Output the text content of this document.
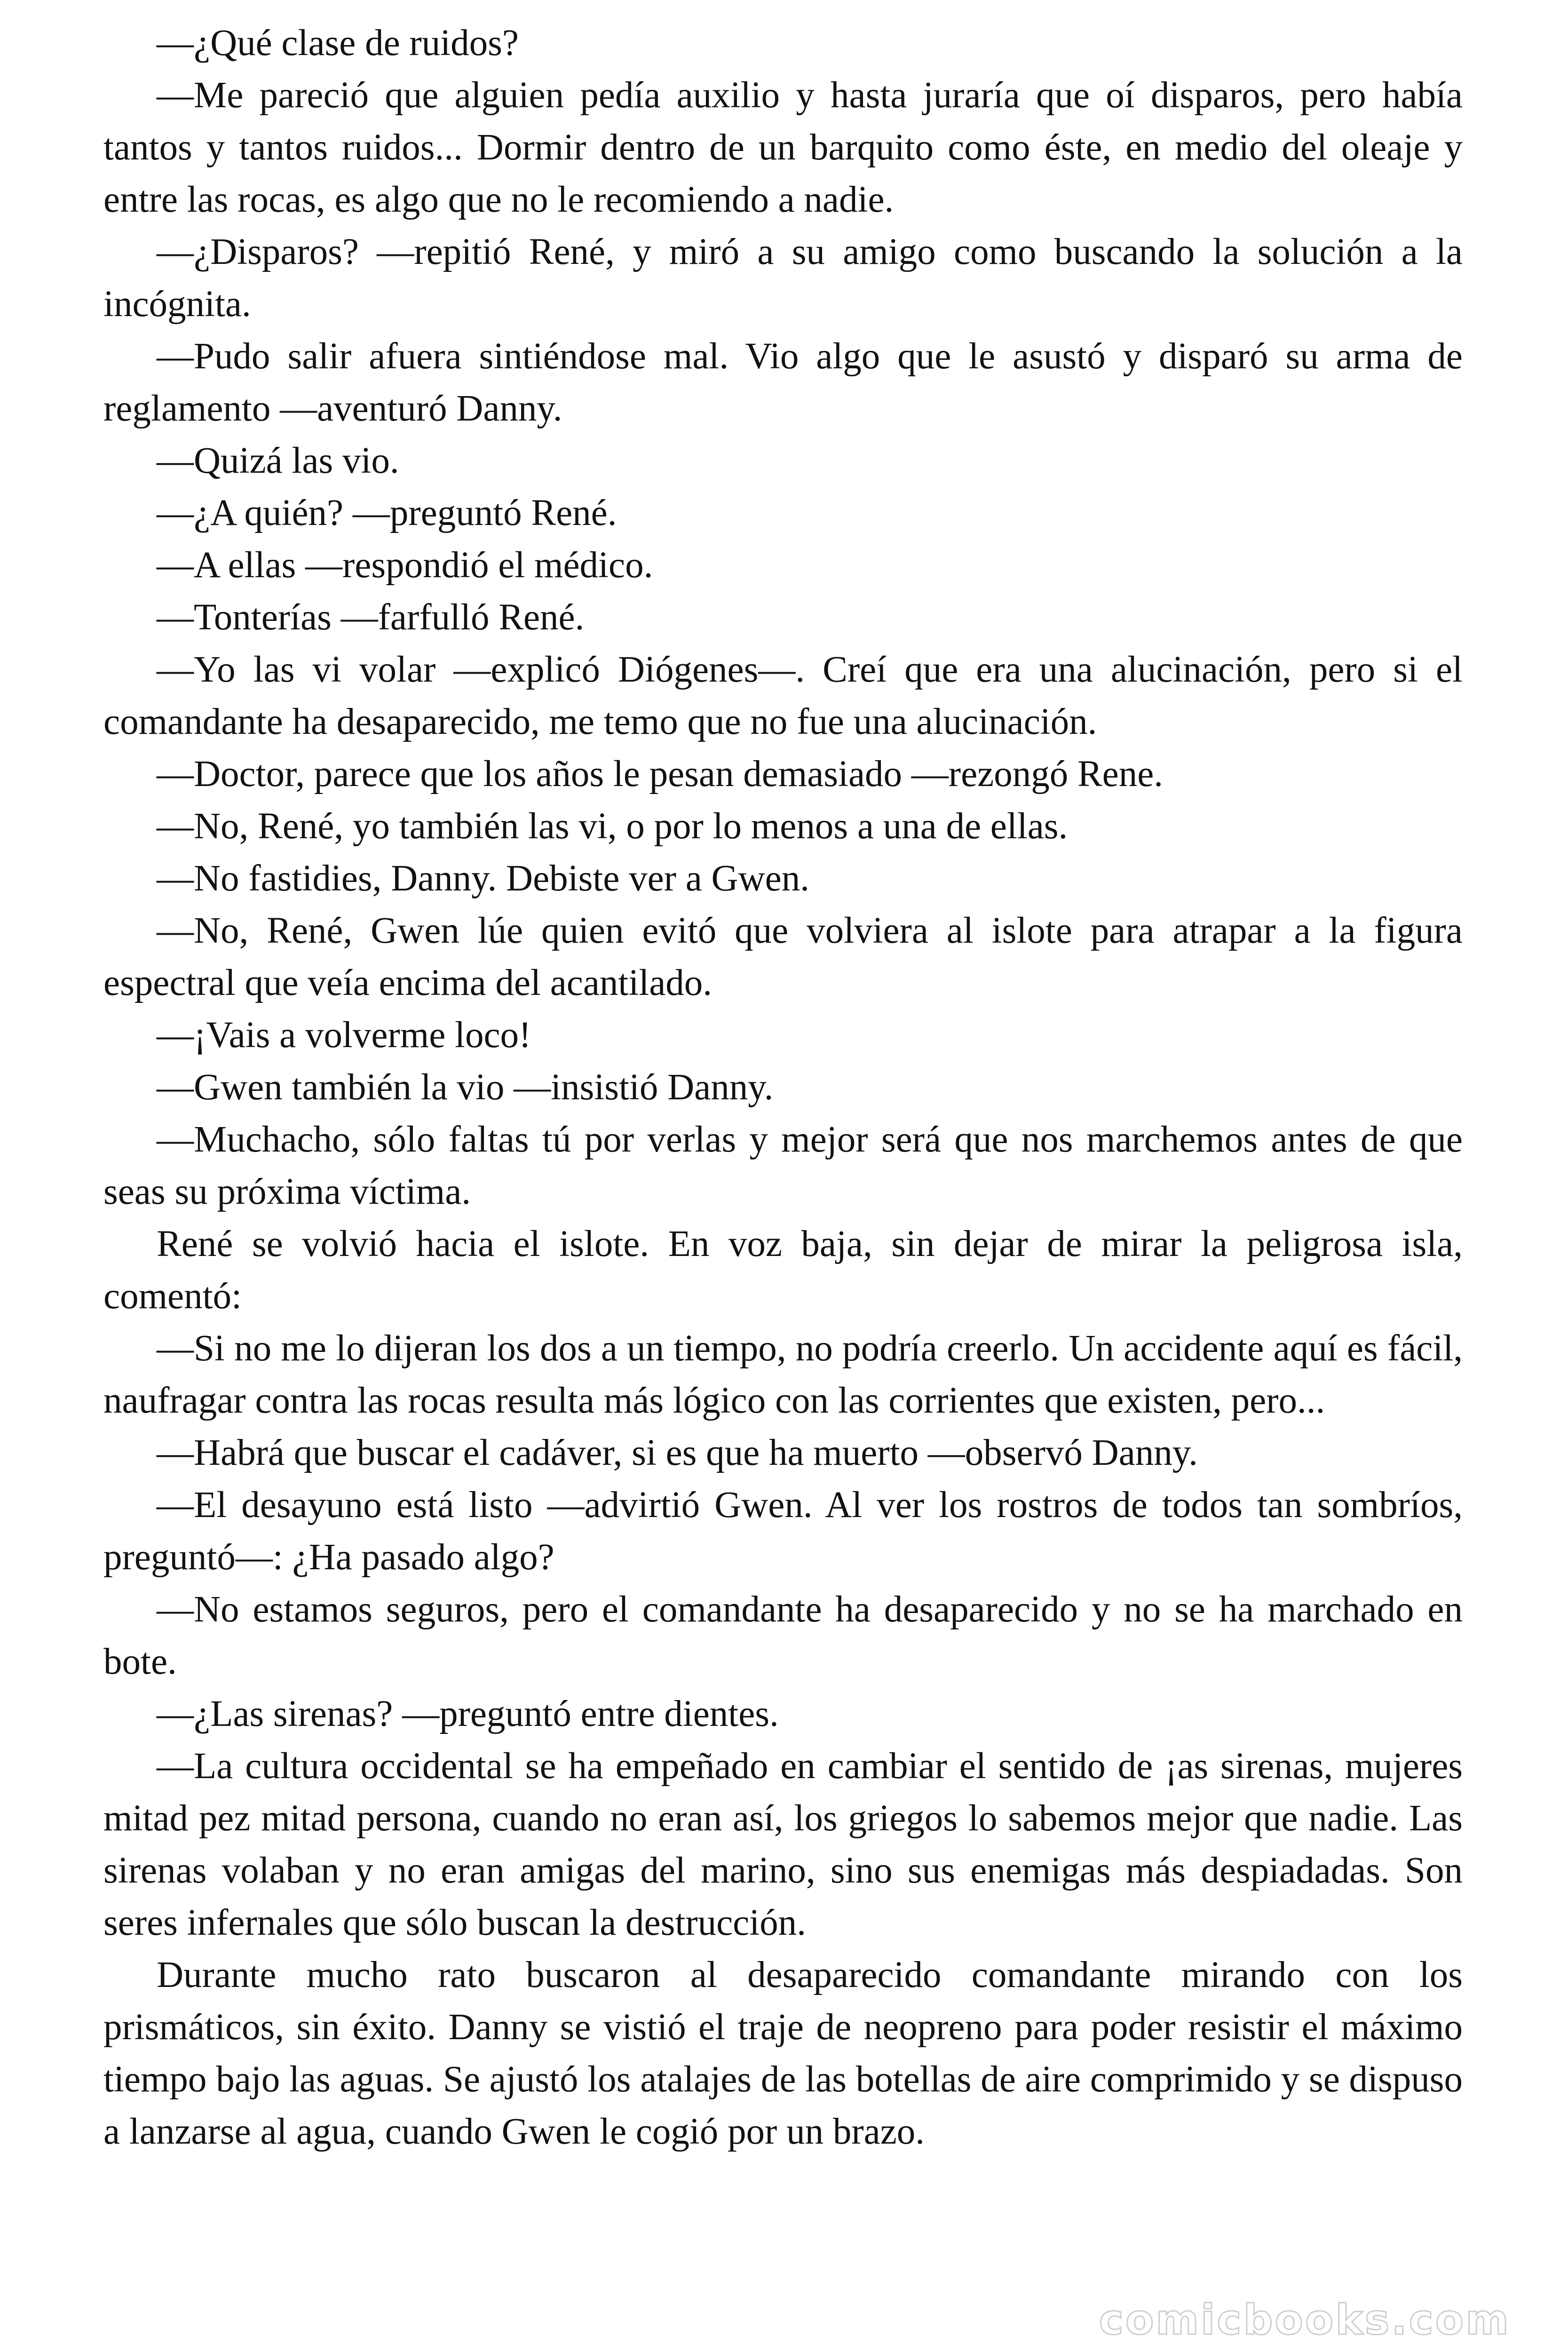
—¿Qué clase de ruidos?

—Me pareció que alguien pedía auxilio y hasta juraría que oí disparos, pero había tantos y tantos ruidos... Dormir dentro de un barquito como éste, en medio del oleaje y entre las rocas, es algo que no le recomiendo a nadie.

—¿Disparos? —repitió René, y miró a su amigo como buscando la solución a la incógnita.

—Pudo salir afuera sintiéndose mal. Vio algo que le asustó y disparó su arma de reglamento —aventuró Danny.

—Quizá las vio.

—¿A quién? —preguntó René.

—A ellas —respondió el médico.

—Tonterías —farfulló René.

—Yo las vi volar —explicó Diógenes—. Creí que era una alucinación, pero si el comandante ha desaparecido, me temo que no fue una alucinación.

—Doctor, parece que los años le pesan demasiado —rezongó Rene.

—No, René, yo también las vi, o por lo menos a una de ellas.

—No fastidies, Danny. Debiste ver a Gwen.

—No, René, Gwen lúe quien evitó que volviera al islote para atrapar a la figura espectral que veía encima del acantilado.

—¡Vais a volverme loco!

—Gwen también la vio —insistió Danny.

—Muchacho, sólo faltas tú por verlas y mejor será que nos marchemos antes de que seas su próxima víctima.

René se volvió hacia el islote. En voz baja, sin dejar de mirar la peligrosa isla, comentó:

—Si no me lo dijeran los dos a un tiempo, no podría creerlo. Un accidente aquí es fácil, naufragar contra las rocas resulta más lógico con las corrientes que existen, pero...

—Habrá que buscar el cadáver, si es que ha muerto —observó Danny.

—El desayuno está listo —advirtió Gwen. Al ver los rostros de todos tan sombríos, preguntó—: ¿Ha pasado algo?

—No estamos seguros, pero el comandante ha desaparecido y no se ha marchado en bote.

—¿Las sirenas? —preguntó entre dientes.

—La cultura occidental se ha empeñado en cambiar el sentido de ¡as sirenas, mujeres mitad pez mitad persona, cuando no eran así, los griegos lo sabemos mejor que nadie. Las sirenas volaban y no eran amigas del marino, sino sus enemigas más despiadadas. Son seres infernales que sólo buscan la destrucción.

Durante mucho rato buscaron al desaparecido comandante mirando con los prismáticos, sin éxito. Danny se vistió el traje de neopreno para poder resistir el máximo tiempo bajo las aguas. Se ajustó los atalajes de las botellas de aire comprimido y se dispuso a lanzarse al agua, cuando Gwen le cogió por un brazo.

comicbooks.com
